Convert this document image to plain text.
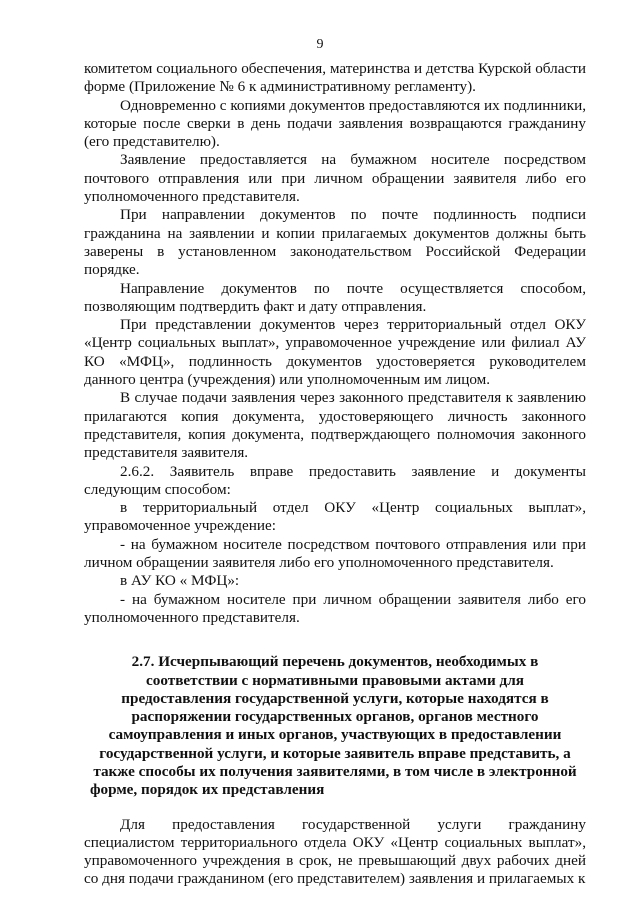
9

комитетом социального обеспечения, материнства и детства Курской области форме (Приложение № 6 к административному регламенту).

Одновременно с копиями документов предоставляются их подлинники, которые после сверки в день подачи заявления возвращаются гражданину (его представителю).

Заявление предоставляется на бумажном носителе посредством почтового отправления или при личном обращении заявителя либо его уполномоченного представителя.

При направлении документов по почте подлинность подписи гражданина на заявлении и копии прилагаемых документов должны быть заверены в установленном законодательством Российской Федерации порядке.

Направление документов по почте осуществляется способом, позволяющим подтвердить факт и дату отправления.

При представлении документов через территориальный отдел ОКУ «Центр социальных выплат», управомоченное учреждение или филиал АУ КО «МФЦ», подлинность документов удостоверяется руководителем данного центра (учреждения) или уполномоченным им лицом.

В случае подачи заявления через законного представителя к заявлению прилагаются копия документа, удостоверяющего личность законного представителя, копия документа, подтверждающего полномочия законного представителя заявителя.

2.6.2. Заявитель вправе предоставить заявление и документы следующим способом:

в территориальный отдел ОКУ «Центр социальных выплат», управомоченное учреждение:

- на бумажном носителе посредством почтового отправления или при личном обращении заявителя либо его уполномоченного представителя.

в АУ КО « МФЦ»:

- на бумажном носителе при личном обращении заявителя либо его уполномоченного представителя.

2.7. Исчерпывающий перечень документов, необходимых в соответствии с нормативными правовыми актами для предоставления государственной услуги, которые находятся в распоряжении государственных органов, органов местного самоуправления и иных органов, участвующих в предоставлении государственной услуги, и которые заявитель вправе представить, а также способы их получения заявителями, в том числе в электронной форме, порядок их представления

Для предоставления государственной услуги гражданину специалистом территориального отдела ОКУ «Центр социальных выплат», управомоченного учреждения в срок, не превышающий двух рабочих дней со дня подачи гражданином (его представителем) заявления и прилагаемых к
